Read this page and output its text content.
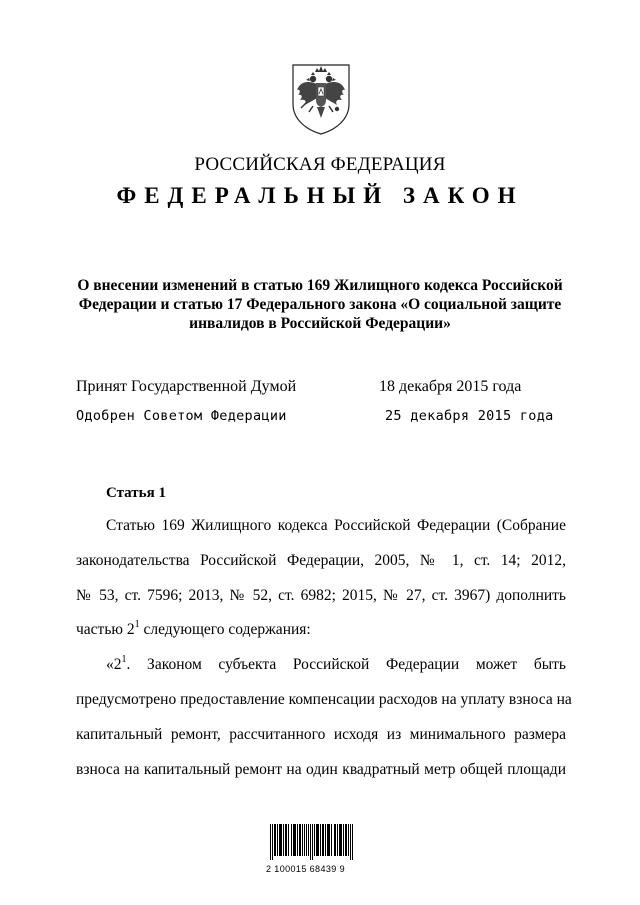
РОССИЙСКАЯ ФЕДЕРАЦИЯ
ФЕДЕРАЛЬНЫЙ ЗАКОН
О внесении изменений в статью 169 Жилищного кодекса Российской
Федерации и статью 17 Федерального закона «О социальной защите
инвалидов в Российской Федерации»
Принят Государственной Думой	18 декабря 2015 года
Одобрен Советом Федерации	25 декабря 2015 года
Статья 1
Статью 169 Жилищного кодекса Российской Федерации (Собрание
законодательства Российской Федерации, 2005, № 1, ст. 14; 2012,
№ 53, ст. 7596; 2013, № 52, ст. 6982; 2015, № 27, ст. 3967) дополнить
частью $2^1$ следующего содержания:
«$2^1$. Законом субъекта Российской Федерации может быть
предусмотрено предоставление компенсации расходов на уплату взноса на
капитальный ремонт, рассчитанного исходя из минимального размера
взноса на капитальный ремонт на один квадратный метр общей площади
2 100015 68439 9
